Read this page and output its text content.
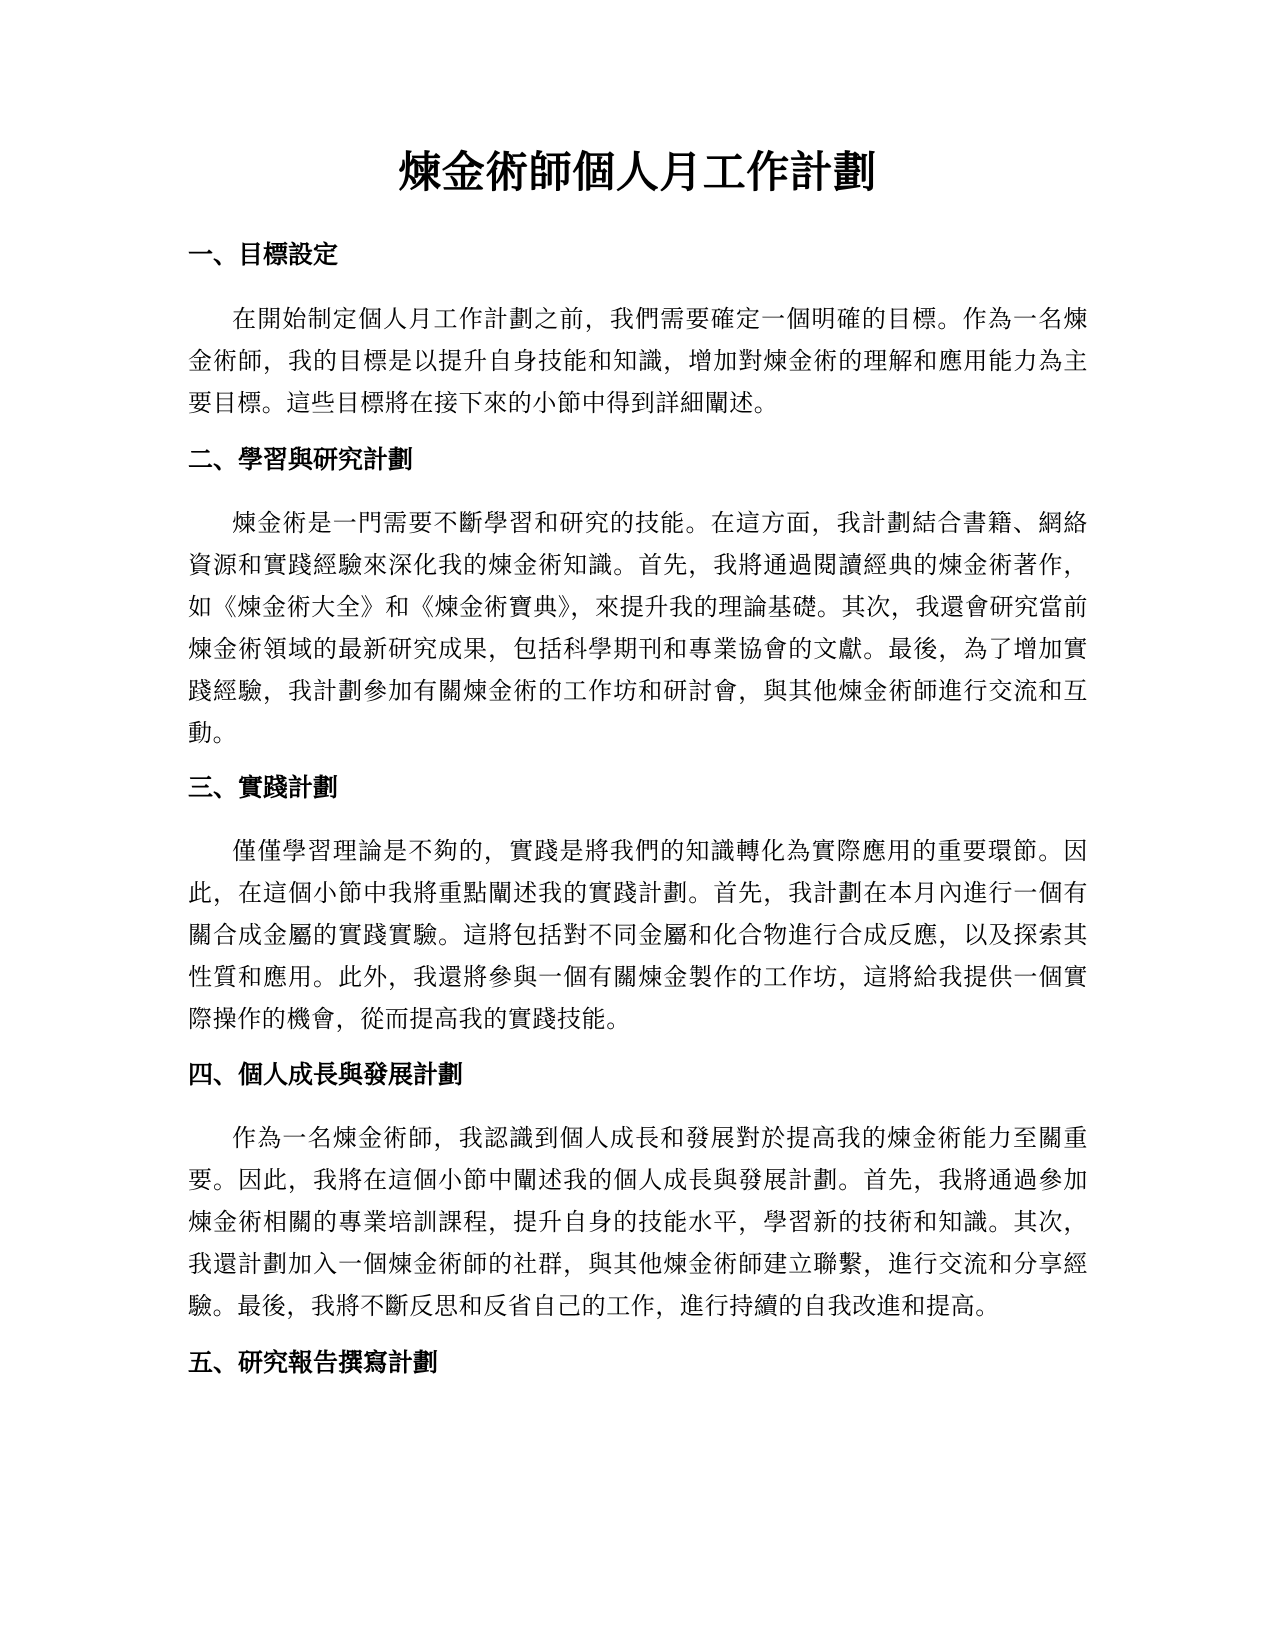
煉金術師個人月工作計劃
一、目標設定

在開始制定個人月工作計劃之前，我們需要確定一個明確的目標。作為一名煉金術師，我的目標是以提升自身技能和知識，增加對煉金術的理解和應用能力為主要目標。這些目標將在接下來的小節中得到詳細闡述。

二、學習與研究計劃

煉金術是一門需要不斷學習和研究的技能。在這方面，我計劃結合書籍、網絡資源和實踐經驗來深化我的煉金術知識。首先，我將通過閱讀經典的煉金術著作，如《煉金術大全》和《煉金術寶典》，來提升我的理論基礎。其次，我還會研究當前煉金術領域的最新研究成果，包括科學期刊和專業協會的文獻。最後，為了增加實踐經驗，我計劃參加有關煉金術的工作坊和研討會，與其他煉金術師進行交流和互動。

三、實踐計劃

僅僅學習理論是不夠的，實踐是將我們的知識轉化為實際應用的重要環節。因此，在這個小節中我將重點闡述我的實踐計劃。首先，我計劃在本月內進行一個有關合成金屬的實踐實驗。這將包括對不同金屬和化合物進行合成反應，以及探索其性質和應用。此外，我還將參與一個有關煉金製作的工作坊，這將給我提供一個實際操作的機會，從而提高我的實踐技能。

四、個人成長與發展計劃

作為一名煉金術師，我認識到個人成長和發展對於提高我的煉金術能力至關重要。因此，我將在這個小節中闡述我的個人成長與發展計劃。首先，我將通過參加煉金術相關的專業培訓課程，提升自身的技能水平，學習新的技術和知識。其次，我還計劃加入一個煉金術師的社群，與其他煉金術師建立聯繫，進行交流和分享經驗。最後，我將不斷反思和反省自己的工作，進行持續的自我改進和提高。

五、研究報告撰寫計劃
